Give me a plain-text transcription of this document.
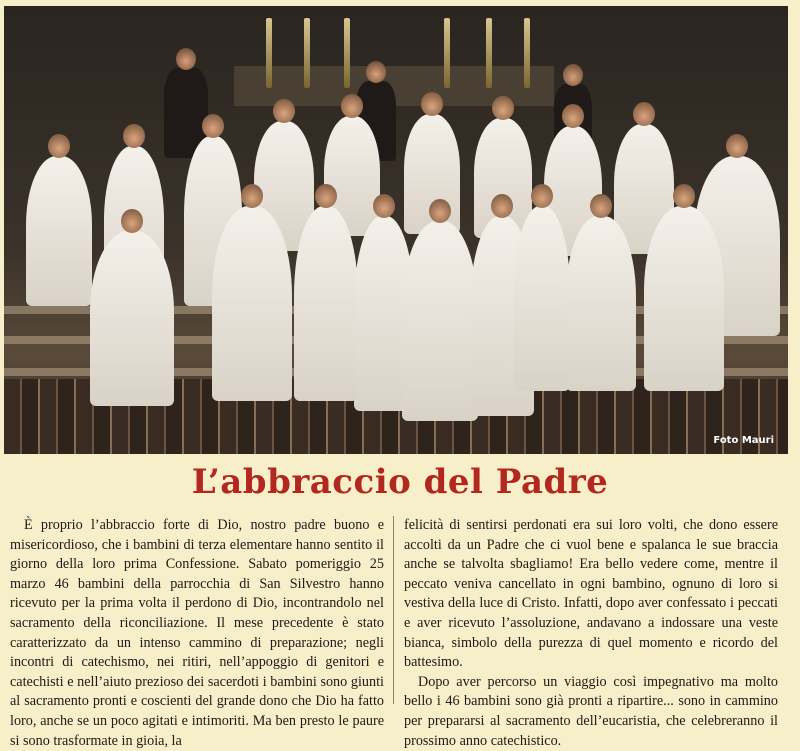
Foto Mauri
L’abbraccio del Padre

È proprio l’abbraccio forte di Dio, nostro padre buono e misericordioso, che i bambini di terza elementare hanno sentito il giorno della loro prima Confessione. Sabato pomeriggio 25 marzo 46 bambini della parrocchia di San Silvestro hanno ricevuto per la prima volta il perdono di Dio, incontrandolo nel sacramento della riconciliazione. Il mese precedente è stato caratterizzato da un intenso cammino di preparazione; negli incontri di catechismo, nei ritiri, nell’appoggio di genitori e catechisti e nell’aiuto prezioso dei sacerdoti i bambini sono giunti al sacramento pronti e coscienti del grande dono che Dio ha fatto loro, anche se un poco agitati e intimoriti. Ma ben presto le paure si sono trasformate in gioia, la

felicità di sentirsi perdonati era sui loro volti, che dono essere accolti da un Padre che ci vuol bene e spalanca le sue braccia anche se talvolta sbagliamo! Era bello vedere come, mentre il peccato veniva cancellato in ogni bambino, ognuno di loro si vestiva della luce di Cristo. Infatti, dopo aver confessato i peccati e aver ricevuto l’assoluzione, andavano a indossare una veste bianca, simbolo della purezza di quel momento e ricordo del battesimo.

Dopo aver percorso un viaggio così impegnativo ma molto bello i 46 bambini sono già pronti a ripartire... sono in cammino per prepararsi al sacramento dell’eucaristia, che celebreranno il prossimo anno catechistico.
